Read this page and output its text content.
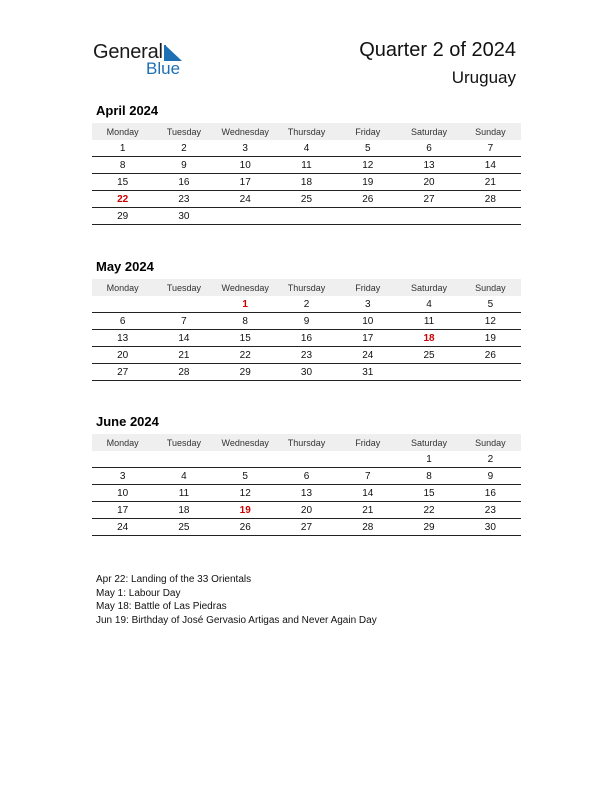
General
Blue
Quarter 2 of 2024
Uruguay
April 2024
Monday	Tuesday	Wednesday	Thursday	Friday	Saturday	Sunday
1	2	3	4	5	6	7
8	9	10	11	12	13	14
15	16	17	18	19	20	21
22	23	24	25	26	27	28
29	30					
May 2024
Monday	Tuesday	Wednesday	Thursday	Friday	Saturday	Sunday
		1	2	3	4	5
6	7	8	9	10	11	12
13	14	15	16	17	18	19
20	21	22	23	24	25	26
27	28	29	30	31		
June 2024
Monday	Tuesday	Wednesday	Thursday	Friday	Saturday	Sunday
					1	2
3	4	5	6	7	8	9
10	11	12	13	14	15	16
17	18	19	20	21	22	23
24	25	26	27	28	29	30
Apr 22: Landing of the 33 Orientals
May 1: Labour Day
May 18: Battle of Las Piedras
Jun 19: Birthday of José Gervasio Artigas and Never Again Day
